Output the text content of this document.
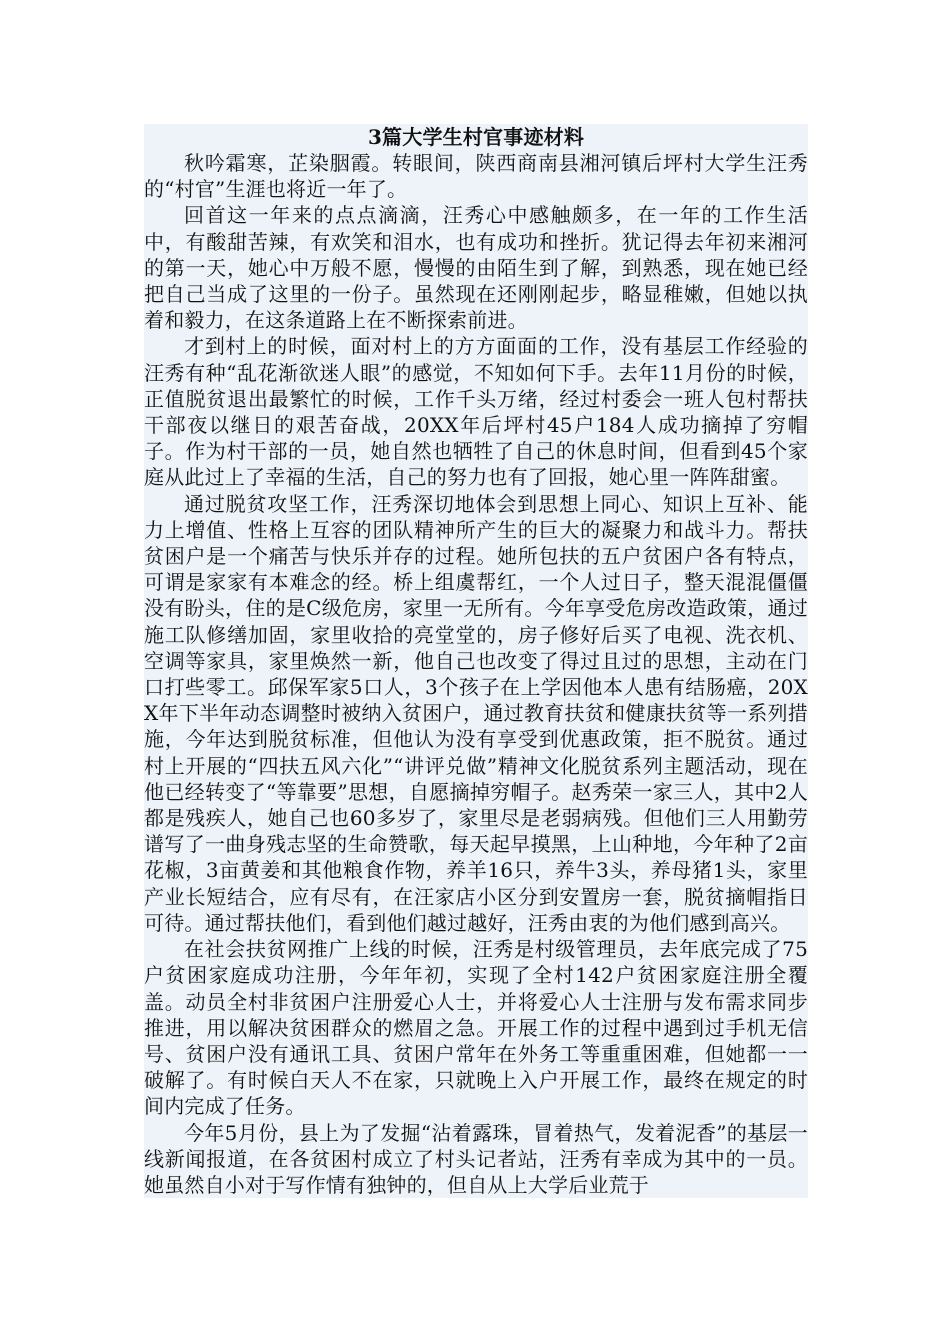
3篇大学生村官事迹材料

秋吟霜寒，芷染胭霞。转眼间，陕西商南县湘河镇后坪村大学生汪秀的“村官”生涯也将近一年了。

回首这一年来的点点滴滴，汪秀心中感触颇多，在一年的工作生活中，有酸甜苦辣，有欢笑和泪水，也有成功和挫折。犹记得去年初来湘河的第一天，她心中万般不愿，慢慢的由陌生到了解，到熟悉，现在她已经把自己当成了这里的一份子。虽然现在还刚刚起步，略显稚嫩，但她以执着和毅力，在这条道路上在不断探索前进。

才到村上的时候，面对村上的方方面面的工作，没有基层工作经验的汪秀有种“乱花渐欲迷人眼”的感觉，不知如何下手。去年11月份的时候，正值脱贫退出最繁忙的时候，工作千头万绪，经过村委会一班人包村帮扶干部夜以继日的艰苦奋战，20XX年后坪村45户184人成功摘掉了穷帽子。作为村干部的一员，她自然也牺牲了自己的休息时间，但看到45个家庭从此过上了幸福的生活，自己的努力也有了回报，她心里一阵阵甜蜜。

通过脱贫攻坚工作，汪秀深切地体会到思想上同心、知识上互补、能力上增值、性格上互容的团队精神所产生的巨大的凝聚力和战斗力。帮扶贫困户是一个痛苦与快乐并存的过程。她所包扶的五户贫困户各有特点，可谓是家家有本难念的经。桥上组虞帮红，一个人过日子，整天混混僵僵没有盼头，住的是C级危房，家里一无所有。今年享受危房改造政策，通过施工队修缮加固，家里收拾的亮堂堂的，房子修好后买了电视、洗衣机、空调等家具，家里焕然一新，他自己也改变了得过且过的思想，主动在门口打些零工。邱保军家5口人，3个孩子在上学因他本人患有结肠癌，20XX年下半年动态调整时被纳入贫困户，通过教育扶贫和健康扶贫等一系列措施，今年达到脱贫标准，但他认为没有享受到优惠政策，拒不脱贫。通过村上开展的“四扶五风六化”“讲评兑做”精神文化脱贫系列主题活动，现在他已经转变了“等靠要”思想，自愿摘掉穷帽子。赵秀荣一家三人，其中2人都是残疾人，她自己也60多岁了，家里尽是老弱病残。但他们三人用勤劳谱写了一曲身残志坚的生命赞歌，每天起早摸黑，上山种地，今年种了2亩花椒，3亩黄姜和其他粮食作物，养羊16只，养牛3头，养母猪1头，家里产业长短结合，应有尽有，在汪家店小区分到安置房一套，脱贫摘帽指日可待。通过帮扶他们，看到他们越过越好，汪秀由衷的为他们感到高兴。

在社会扶贫网推广上线的时候，汪秀是村级管理员，去年底完成了75户贫困家庭成功注册，今年年初，实现了全村142户贫困家庭注册全覆盖。动员全村非贫困户注册爱心人士，并将爱心人士注册与发布需求同步推进，用以解决贫困群众的燃眉之急。开展工作的过程中遇到过手机无信号、贫困户没有通讯工具、贫困户常年在外务工等重重困难，但她都一一破解了。有时候白天人不在家，只就晚上入户开展工作，最终在规定的时间内完成了任务。

今年5月份，县上为了发掘“沾着露珠，冒着热气，发着泥香”的基层一线新闻报道，在各贫困村成立了村头记者站，汪秀有幸成为其中的一员。她虽然自小对于写作情有独钟的，但自从上大学后业荒于
